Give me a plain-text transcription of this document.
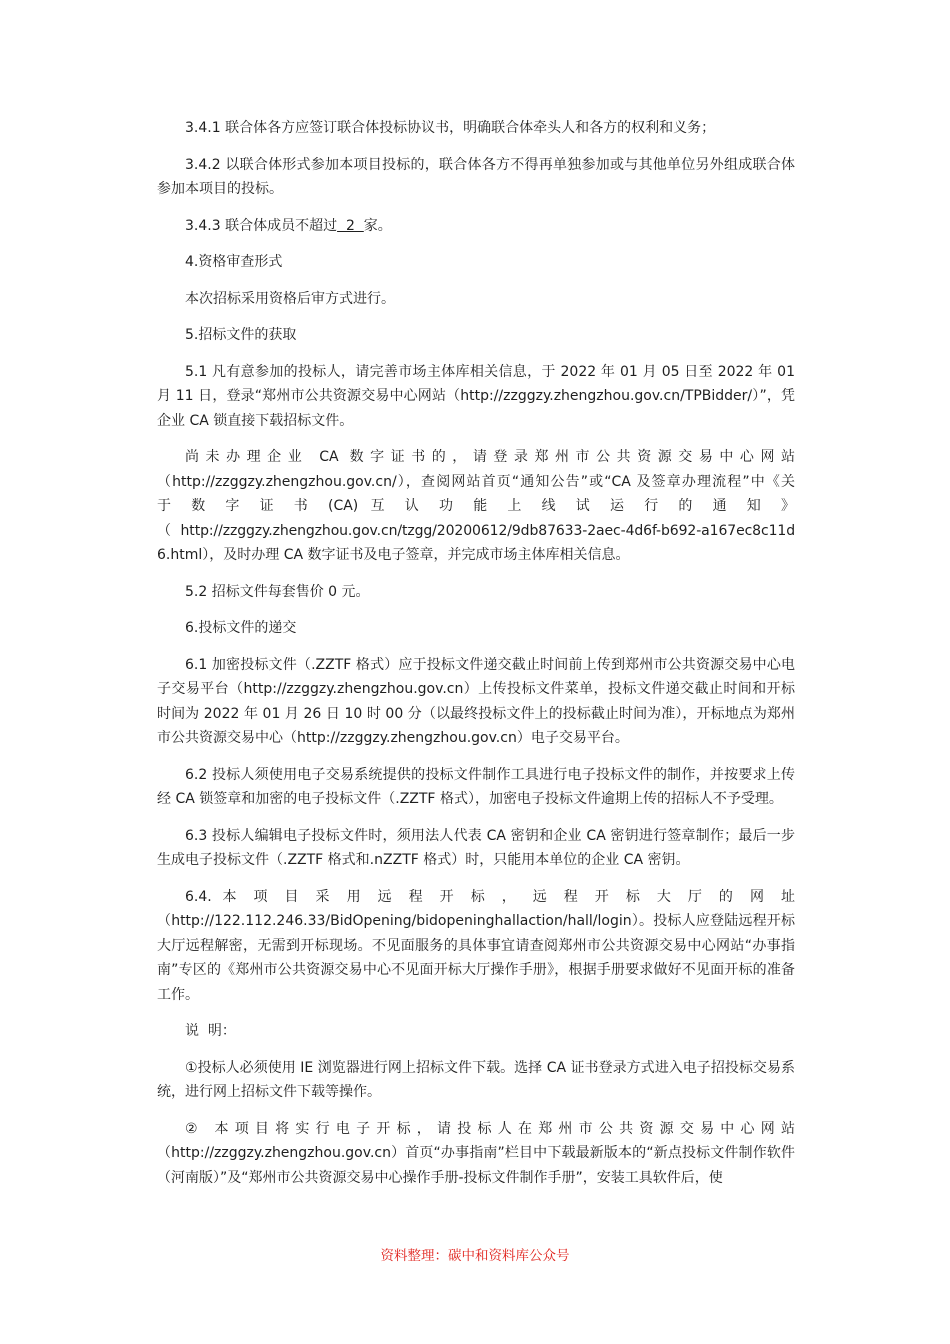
3.4.1 联合体各方应签订联合体投标协议书，明确联合体牵头人和各方的权利和义务；

3.4.2 以联合体形式参加本项目投标的，联合体各方不得再单独参加或与其他单位另外组成联合体参加本项目的投标。

3.4.3 联合体成员不超过  2  家。

4.资格审查形式

本次招标采用资格后审方式进行。

5.招标文件的获取

5.1 凡有意参加的投标人，请完善市场主体库相关信息，于 2022 年 01 月 05 日至 2022 年 01 月 11 日，登录“郑州市公共资源交易中心网站（http://zzggzy.zhengzhou.gov.cn/TPBidder/）”，凭企业 CA 锁直接下载招标文件。

尚未办理企业 CA 数字证书的，请登录郑州市公共资源交易中心网站
（http://zzggzy.zhengzhou.gov.cn/），查阅网站首页“通知公告”或“CA 及签章办理流程”中《关
于 数 字 证 书 (CA) 互 认 功 能 上 线 试 运 行 的 通 知 》
（ http://zzggzy.zhengzhou.gov.cn/tzgg/20200612/9db87633-2aec-4d6f-b692-a167ec8c11d
6.html），及时办理 CA 数字证书及电子签章，并完成市场主体库相关信息。

5.2 招标文件每套售价 0 元。

6.投标文件的递交

6.1 加密投标文件（.ZZTF 格式）应于投标文件递交截止时间前上传到郑州市公共资源交易中心电子交易平台（http://zzggzy.zhengzhou.gov.cn）上传投标文件菜单，投标文件递交截止时间和开标时间为 2022 年 01 月 26 日 10 时 00 分（以最终投标文件上的投标截止时间为准），开标地点为郑州市公共资源交易中心（http://zzggzy.zhengzhou.gov.cn）电子交易平台。

6.2 投标人须使用电子交易系统提供的投标文件制作工具进行电子投标文件的制作，并按要求上传经 CA 锁签章和加密的电子投标文件（.ZZTF 格式），加密电子投标文件逾期上传的招标人不予受理。

6.3 投标人编辑电子投标文件时，须用法人代表 CA 密钥和企业 CA 密钥进行签章制作；最后一步生成电子投标文件（.ZZTF 格式和.nZZTF 格式）时，只能用本单位的企业 CA 密钥。

6.4. 本 项 目 采 用 远 程 开 标 ， 远 程 开 标 大 厅 的 网 址
（http://122.112.246.33/BidOpening/bidopeninghallaction/hall/login）。投标人应登陆远程开标大厅远程解密，无需到开标现场。不见面服务的具体事宜请查阅郑州市公共资源交易中心网站“办事指南”专区的《郑州市公共资源交易中心不见面开标大厅操作手册》，根据手册要求做好不见面开标的准备工作。

说  明：

①投标人必须使用 IE 浏览器进行网上招标文件下载。选择 CA 证书登录方式进入电子招投标交易系统，进行网上招标文件下载等操作。

② 本项目将实行电子开标，请投标人在郑州市公共资源交易中心网站
（http://zzggzy.zhengzhou.gov.cn）首页“办事指南”栏目中下载最新版本的“新点投标文件制作软件（河南版）”及“郑州市公共资源交易中心操作手册-投标文件制作手册”，安装工具软件后，使
资料整理：碳中和资料库公众号
